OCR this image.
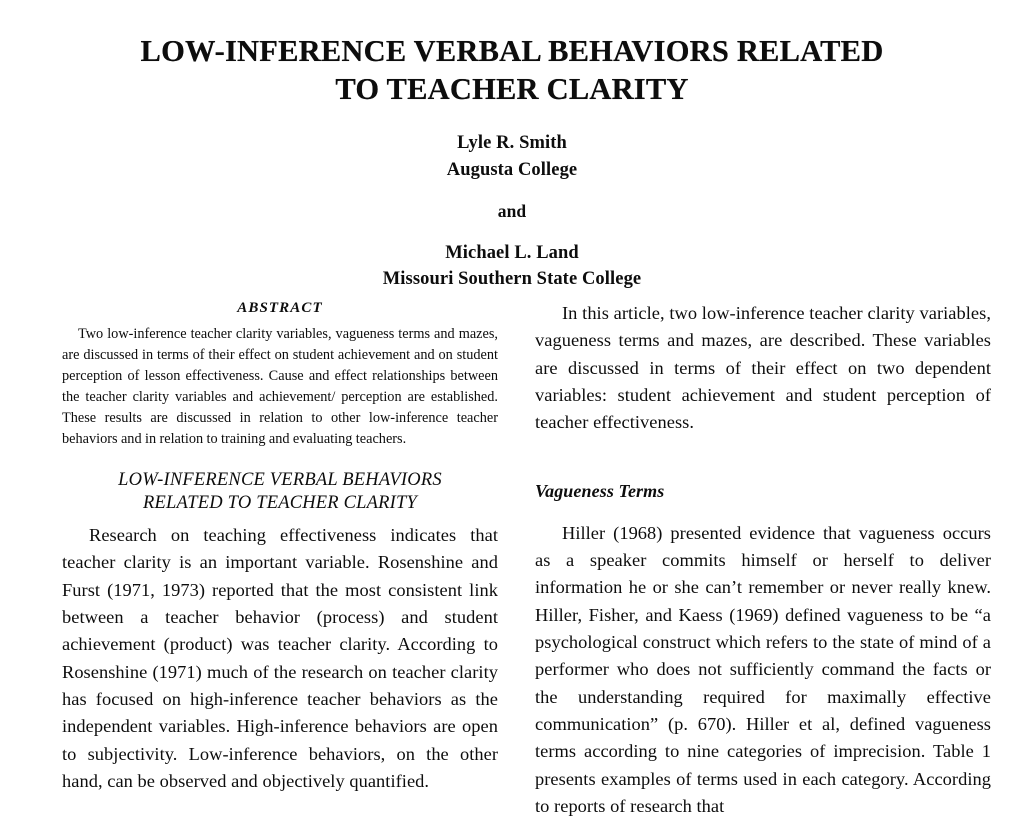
LOW-INFERENCE VERBAL BEHAVIORS RELATED
TO TEACHER CLARITY
Lyle R. Smith
Augusta College
and
Michael L. Land
Missouri Southern State College
ABSTRACT

Two low-inference teacher clarity variables, vagueness terms and mazes, are discussed in terms of their effect on student achievement and on student perception of lesson effectiveness. Cause and effect relationships between the teacher clarity variables and achievement/ perception are established. These results are discussed in relation to other low-inference teacher behaviors and in relation to training and evaluating teachers.

LOW-INFERENCE VERBAL BEHAVIORS
RELATED TO TEACHER CLARITY

Research on teaching effectiveness indicates that teacher clarity is an important variable. Rosenshine and Furst (1971, 1973) reported that the most consistent link between a teacher behavior (process) and student achievement (product) was teacher clarity. According to Rosenshine (1971) much of the research on teacher clarity has focused on high-inference teacher behaviors as the independent variables. High-inference behaviors are open to subjectivity. Low-inference behaviors, on the other hand, can be observed and objectively quantified.

In this article, two low-inference teacher clarity variables, vagueness terms and mazes, are described. These variables are discussed in terms of their effect on two dependent variables: student achievement and student perception of teacher effectiveness.

Vagueness Terms

Hiller (1968) presented evidence that vagueness occurs as a speaker commits himself or herself to deliver information he or she can’t remember or never really knew. Hiller, Fisher, and Kaess (1969) defined vagueness to be “a psychological construct which refers to the state of mind of a performer who does not sufficiently command the facts or the understanding required for maximally effective communication” (p. 670). Hiller et al, defined vagueness terms according to nine categories of imprecision. Table 1 presents examples of terms used in each category. According to reports of research that
